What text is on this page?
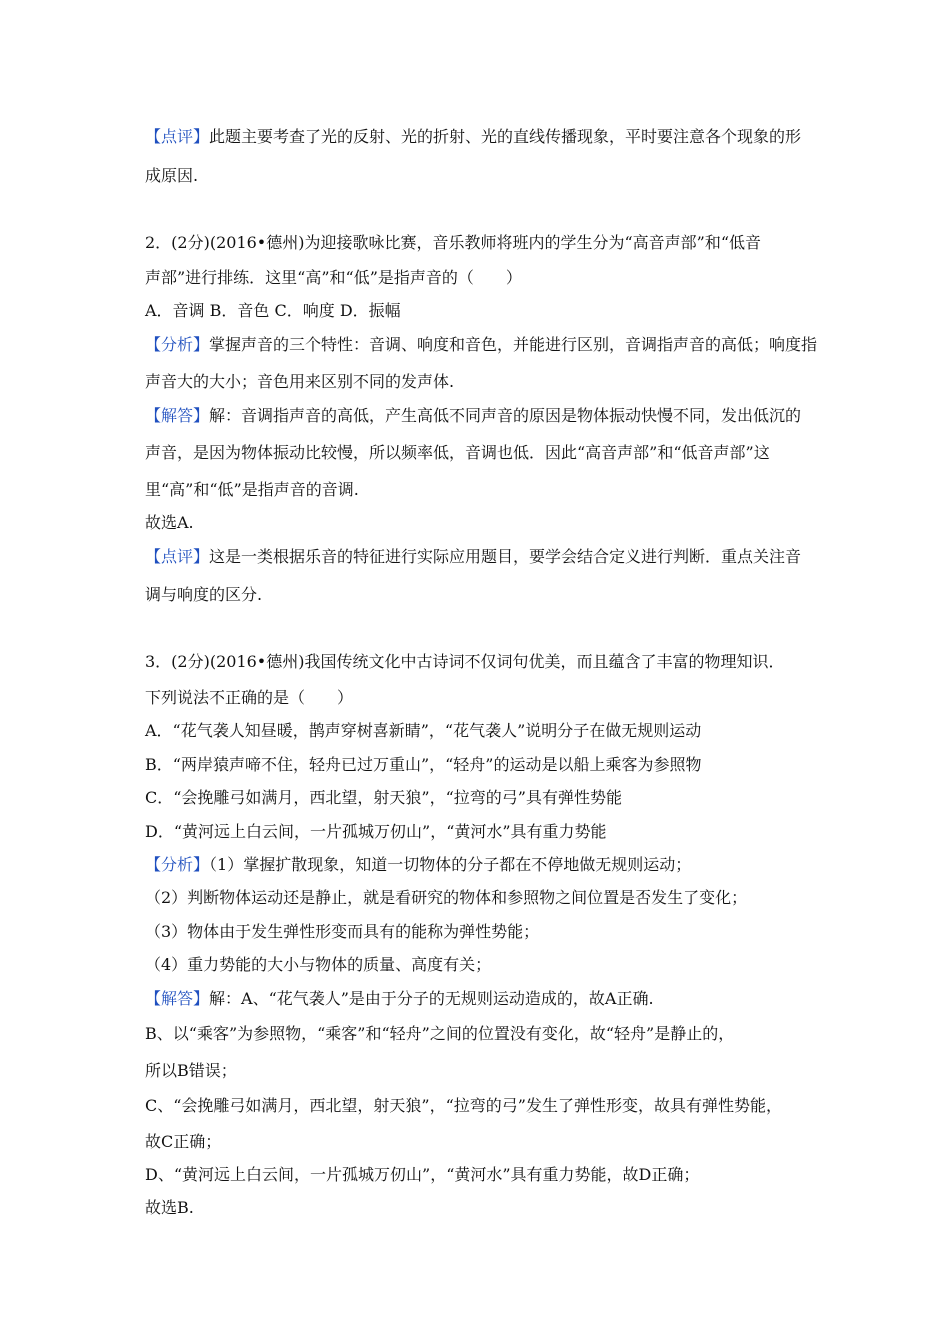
【点评】此题主要考查了光的反射、光的折射、光的直线传播现象，平时要注意各个现象的形
成原因.
2．(2分)(2016•德州)为迎接歌咏比赛，音乐教师将班内的学生分为“高音声部”和“低音
声部”进行排练．这里“高”和“低”是指声音的（　　）
A．音调 B．音色 C．响度 D．振幅
【分析】掌握声音的三个特性：音调、响度和音色，并能进行区别，音调指声音的高低；响度指
声音大的大小；音色用来区别不同的发声体.
【解答】解：音调指声音的高低，产生高低不同声音的原因是物体振动快慢不同，发出低沉的
声音，是因为物体振动比较慢，所以频率低，音调也低．因此“高音声部”和“低音声部”这
里“高”和“低”是指声音的音调.
故选A.
【点评】这是一类根据乐音的特征进行实际应用题目，要学会结合定义进行判断．重点关注音
调与响度的区分.
3．(2分)(2016•德州)我国传统文化中古诗词不仅词句优美，而且蕴含了丰富的物理知识．
下列说法不正确的是（　　）
A．“花气袭人知昼暖，鹊声穿树喜新睛”，“花气袭人”说明分子在做无规则运动
B．“两岸猿声啼不住，轻舟已过万重山”，“轻舟”的运动是以船上乘客为参照物
C．“会挽雕弓如满月，西北望，射天狼”，“拉弯的弓”具有弹性势能
D．“黄河远上白云间，一片孤城万仞山”，“黄河水”具有重力势能
【分析】（1）掌握扩散现象，知道一切物体的分子都在不停地做无规则运动；
（2）判断物体运动还是静止，就是看研究的物体和参照物之间位置是否发生了变化；
（3）物体由于发生弹性形变而具有的能称为弹性势能；
（4）重力势能的大小与物体的质量、高度有关；
【解答】解：A、“花气袭人”是由于分子的无规则运动造成的，故A正确.
B、以“乘客”为参照物，“乘客”和“轻舟”之间的位置没有变化，故“轻舟”是静止的，
所以B错误；
C、“会挽雕弓如满月，西北望，射天狼”，“拉弯的弓”发生了弹性形变，故具有弹性势能，
故C正确；
D、“黄河远上白云间，一片孤城万仞山”，“黄河水”具有重力势能，故D正确；
故选B.
